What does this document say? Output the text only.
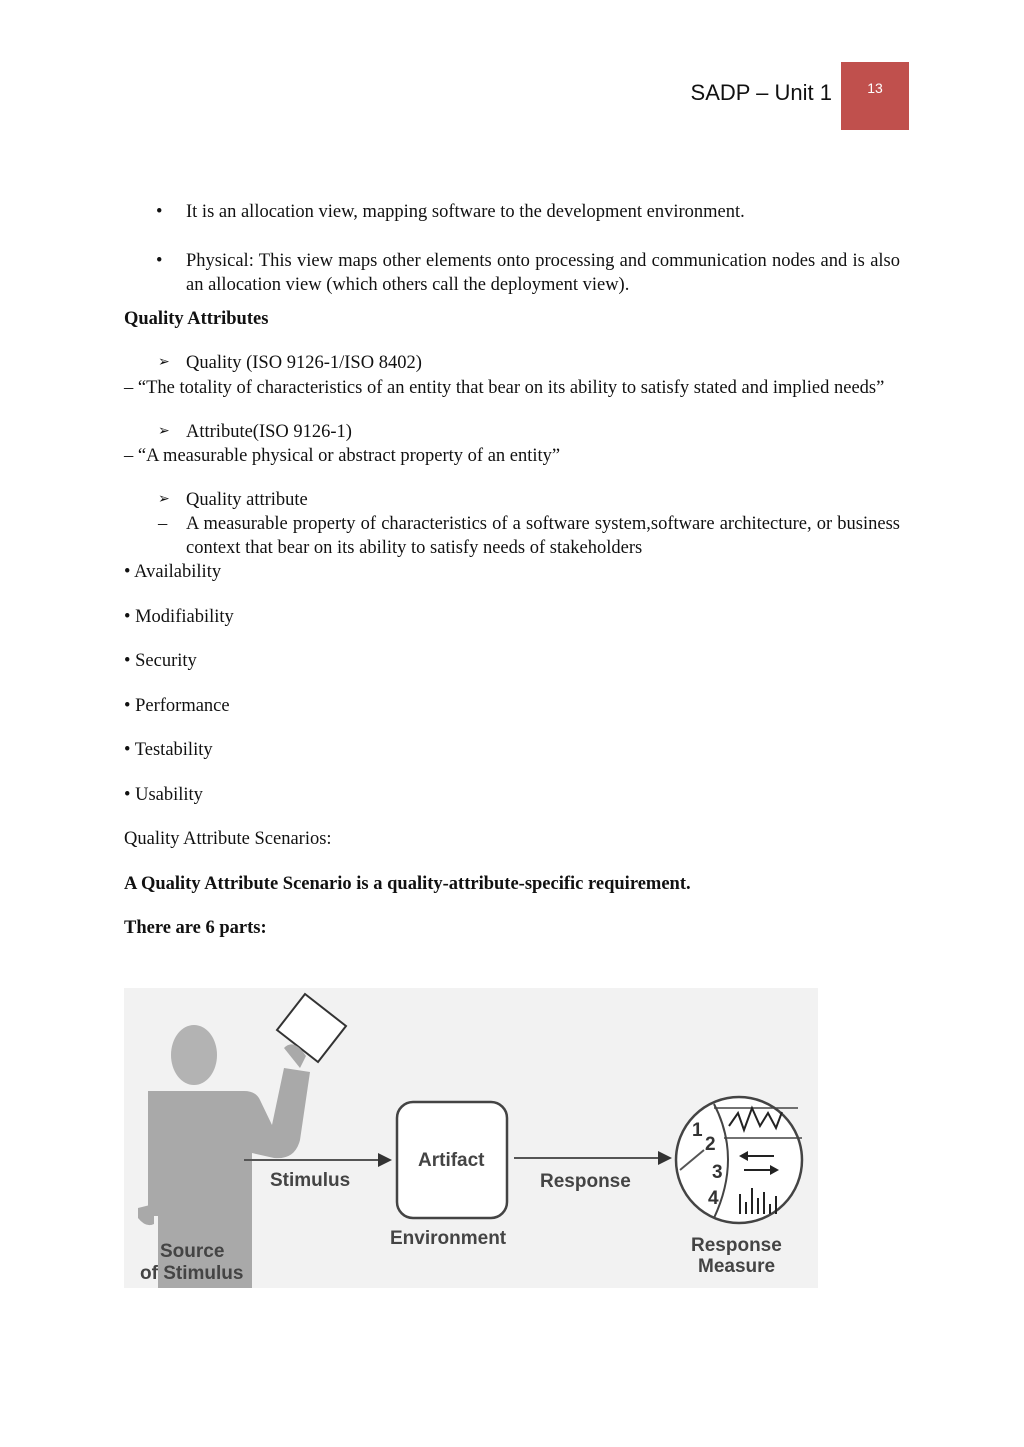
SADP – Unit 1	13
• It is an allocation view, mapping software to the development environment.
• Physical: This view maps other elements onto processing and communication nodes and is also an allocation view (which others call the deployment view).

Quality Attributes

➢ Quality (ISO 9126-1/ISO 8402)

– “The totality of characteristics of an entity that bear on its ability to satisfy stated and implied needs”

➢ Attribute(ISO 9126-1)

– “A measurable physical or abstract property of an entity”

➢ Quality attribute
– A measurable property of characteristics of a software system,software architecture, or business context that bear on its ability to satisfy needs of stakeholders

• Availability

• Modifiability

• Security

• Performance

• Testability

• Usability

Quality Attribute Scenarios:

A Quality Attribute Scenario is a quality-attribute-specific requirement.

There are 6 parts:

Stimulus
Artifact
Environment
Response
1
2
3
4
Response
Measure
Source
of Stimulus
